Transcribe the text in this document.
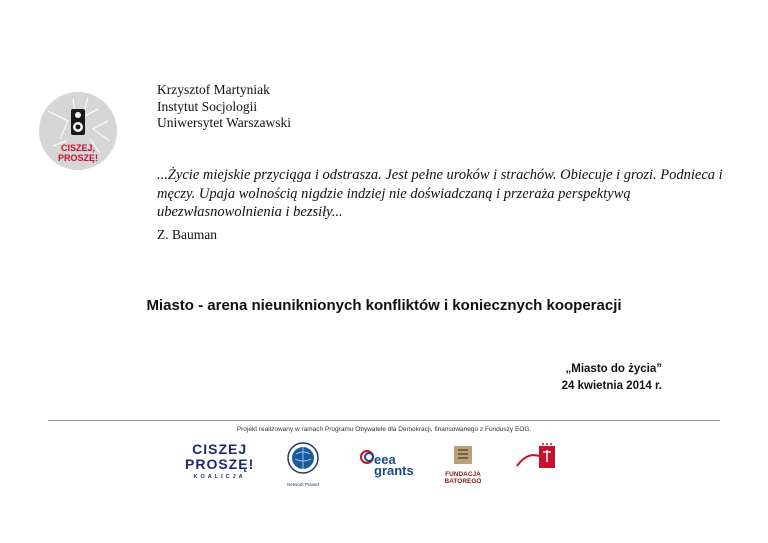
CISZEJ,
PROSZĘ!
Krzysztof Martyniak
Instytut Socjologii
Uniwersytet Warszawski
...Życie miejskie przyciąga i odstrasza. Jest pełne uroków i strachów. Obiecuje i grozi. Podnieca i męczy. Upaja wolnością nigdzie indziej nie doświadczaną i przeraża perspektywą ubezwłasnowolnienia i bezsiły...
Z. Bauman
Miasto - arena nieuniknionych konfliktów i koniecznych kooperacji
„Miasto do życia”
24 kwietnia 2014 r.
Projekt realizowany w ramach Programu Obywatele dla Demokracji, finansowanego z Funduszy EOG.
CISZEJ
PROSZĘ!
KOALICJA
Network Poland
eea
grants	FUNDACJA
BATOREGO
